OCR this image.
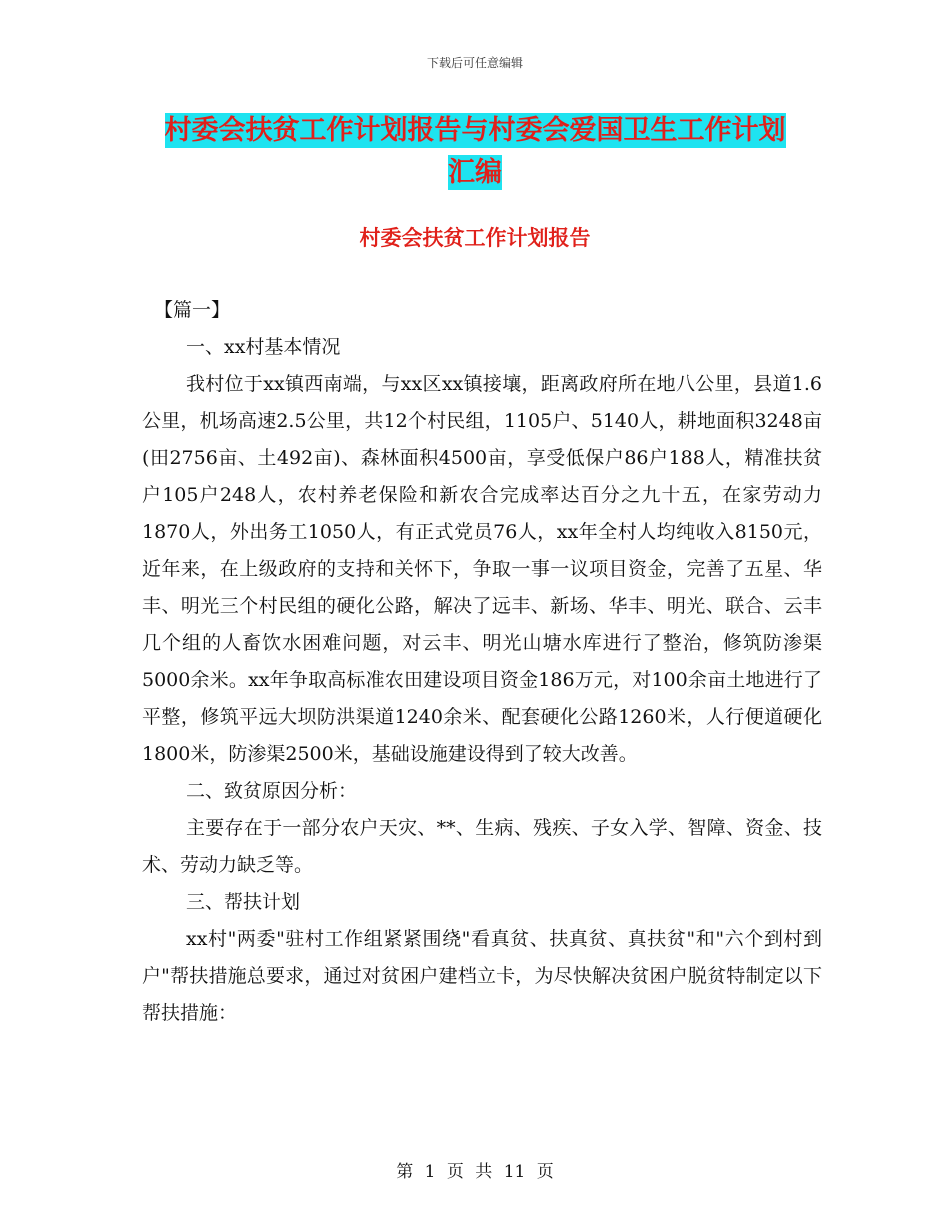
下载后可任意编辑
村委会扶贫工作计划报告与村委会爱国卫生工作计划
汇编
村委会扶贫工作计划报告

【篇一】

一、xx村基本情况

我村位于xx镇西南端，与xx区xx镇接壤，距离政府所在地八公里，县道1.6公里，机场高速2.5公里，共12个村民组，1105户、5140人，耕地面积3248亩(田2756亩、土492亩)、森林面积4500亩，享受低保户86户188人，精准扶贫户105户248人，农村养老保险和新农合完成率达百分之九十五，在家劳动力1870人，外出务工1050人，有正式党员76人，xx年全村人均纯收入8150元，近年来，在上级政府的支持和关怀下，争取一事一议项目资金，完善了五星、华丰、明光三个村民组的硬化公路，解决了远丰、新场、华丰、明光、联合、云丰几个组的人畜饮水困难问题，对云丰、明光山塘水库进行了整治，修筑防渗渠5000余米。xx年争取高标准农田建设项目资金186万元，对100余亩土地进行了平整，修筑平远大坝防洪渠道1240余米、配套硬化公路1260米，人行便道硬化1800米，防渗渠2500米，基础设施建设得到了较大改善。

二、致贫原因分析：

主要存在于一部分农户天灾、**、生病、残疾、子女入学、智障、资金、技术、劳动力缺乏等。

三、帮扶计划

xx村"两委"驻村工作组紧紧围绕"看真贫、扶真贫、真扶贫"和"六个到村到户"帮扶措施总要求，通过对贫困户建档立卡，为尽快解决贫困户脱贫特制定以下帮扶措施：

第 1 页 共 11 页
